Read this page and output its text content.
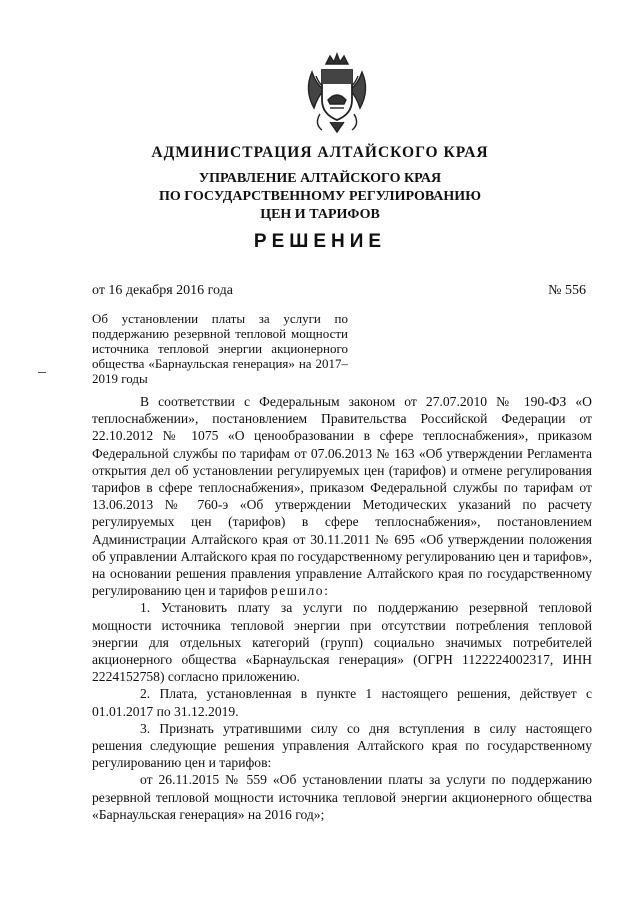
АДМИНИСТРАЦИЯ АЛТАЙСКОГО КРАЯ
УПРАВЛЕНИЕ АЛТАЙСКОГО КРАЯ
ПО ГОСУДАРСТВЕННОМУ РЕГУЛИРОВАНИЮ
ЦЕН И ТАРИФОВ
РЕШЕНИЕ
от 16 декабря 2016 года	№ 556
Об установлении платы за услуги по поддержанию резервной тепловой мощности источника тепловой энергии акционерного общества «Барнаульская генерация» на 2017–2019 годы

В соответствии с Федеральным законом от 27.07.2010 № 190-ФЗ «О теплоснабжении», постановлением Правительства Российской Федерации от 22.10.2012 № 1075 «О ценообразовании в сфере теплоснабжения», приказом Федеральной службы по тарифам от 07.06.2013 № 163 «Об утверждении Регламента открытия дел об установлении регулируемых цен (тарифов) и отмене регулирования тарифов в сфере теплоснабжения», приказом Федеральной службы по тарифам от 13.06.2013 № 760-э «Об утверждении Методических указаний по расчету регулируемых цен (тарифов) в сфере теплоснабжения», постановлением Администрации Алтайского края от 30.11.2011 № 695 «Об утверждении положения об управлении Алтайского края по государственному регулированию цен и тарифов», на основании решения правления управление Алтайского края по государственному регулированию цен и тарифов решило:

1. Установить плату за услуги по поддержанию резервной тепловой мощности источника тепловой энергии при отсутствии потребления тепловой энергии для отдельных категорий (групп) социально значимых потребителей акционерного общества «Барнаульская генерация» (ОГРН 1122224002317, ИНН 2224152758) согласно приложению.

2. Плата, установленная в пункте 1 настоящего решения, действует с 01.01.2017 по 31.12.2019.

3. Признать утратившими силу со дня вступления в силу настоящего решения следующие решения управления Алтайского края по государственному регулированию цен и тарифов:

от 26.11.2015 № 559 «Об установлении платы за услуги по поддержанию резервной тепловой мощности источника тепловой энергии акционерного общества «Барнаульская генерация» на 2016 год»;
